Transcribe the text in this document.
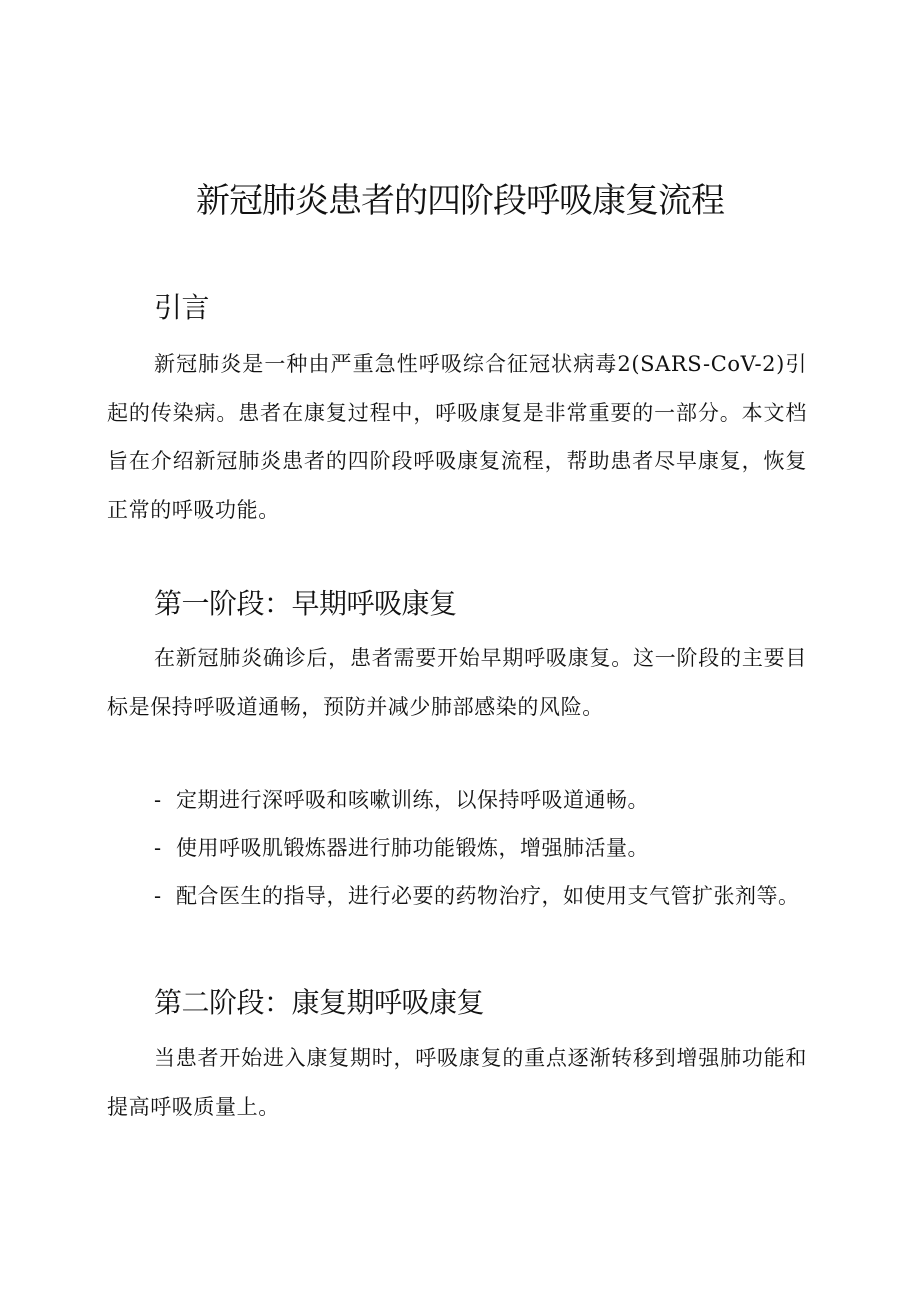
新冠肺炎患者的四阶段呼吸康复流程
引言

新冠肺炎是一种由严重急性呼吸综合征冠状病毒2(SARS-CoV-2)引起的传染病。患者在康复过程中，呼吸康复是非常重要的一部分。本文档旨在介绍新冠肺炎患者的四阶段呼吸康复流程，帮助患者尽早康复，恢复正常的呼吸功能。

第一阶段：早期呼吸康复

在新冠肺炎确诊后，患者需要开始早期呼吸康复。这一阶段的主要目标是保持呼吸道通畅，预防并减少肺部感染的风险。

- 定期进行深呼吸和咳嗽训练，以保持呼吸道通畅。
- 使用呼吸肌锻炼器进行肺功能锻炼，增强肺活量。
- 配合医生的指导，进行必要的药物治疗，如使用支气管扩张剂等。
第二阶段：康复期呼吸康复

当患者开始进入康复期时，呼吸康复的重点逐渐转移到增强肺功能和提高呼吸质量上。
